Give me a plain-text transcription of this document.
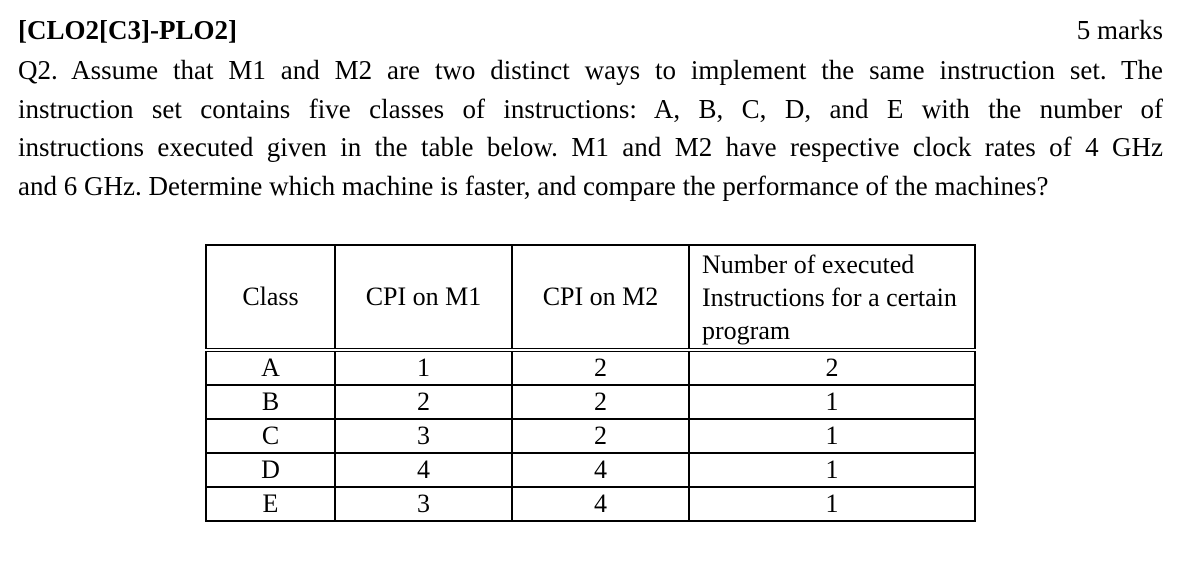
[CLO2[C3]-PLO2]	5 marks
Q2. Assume that M1 and M2 are two distinct ways to implement the same instruction set. The
instruction set contains five classes of instructions: A, B, C, D, and E with the number of
instructions executed given in the table below. M1 and M2 have respective clock rates of 4 GHz
and 6 GHz. Determine which machine is faster, and compare the performance of the machines?
Class	CPI on M1	CPI on M2	Number of executed Instructions for a certain program
A	1	2	2
B	2	2	1
C	3	2	1
D	4	4	1
E	3	4	1
